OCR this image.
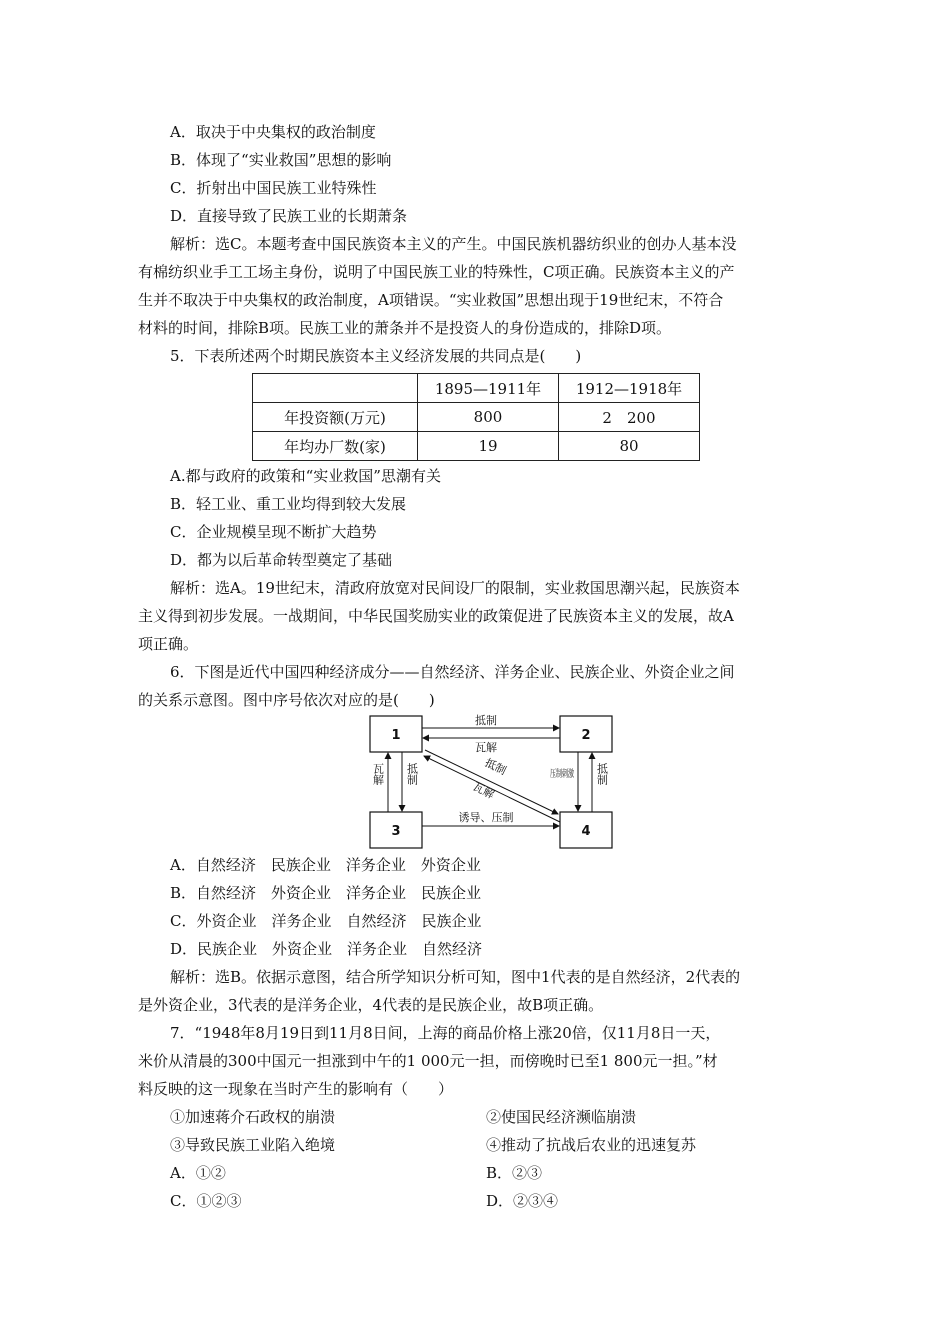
A．取决于中央集权的政治制度
B．体现了“实业救国”思想的影响
C．折射出中国民族工业特殊性
D．直接导致了民族工业的长期萧条
解析：选C。本题考查中国民族资本主义的产生。中国民族机器纺织业的创办人基本没
有棉纺织业手工工场主身份，说明了中国民族工业的特殊性，C项正确。民族资本主义的产
生并不取决于中央集权的政治制度，A项错误。“实业救国”思想出现于19世纪末，不符合
材料的时间，排除B项。民族工业的萧条并不是投资人的身份造成的，排除D项。
5．下表所述两个时期民族资本主义经济发展的共同点是(　　)
	1895—1911年	1912—1918年
年投资额(万元)	800	2　200
年均办厂数(家)	19	80
A.都与政府的政策和“实业救国”思潮有关
B．轻工业、重工业均得到较大发展
C．企业规模呈现不断扩大趋势
D．都为以后革命转型奠定了基础
解析：选A。19世纪末，清政府放宽对民间设厂的限制，实业救国思潮兴起，民族资本
主义得到初步发展。一战期间，中华民国奖励实业的政策促进了民族资本主义的发展，故A
项正确。
6．下图是近代中国四种经济成分——自然经济、洋务企业、民族企业、外资企业之间
的关系示意图。图中序号依次对应的是(　　)
1	2
3	4
抵制
瓦解
瓦解 抵制	压制刺激 抵制
诱导、压制
抵制
瓦解
A．自然经济　民族企业　洋务企业　外资企业
B．自然经济　外资企业　洋务企业　民族企业
C．外资企业　洋务企业　自然经济　民族企业
D．民族企业　外资企业　洋务企业　自然经济
解析：选B。依据示意图，结合所学知识分析可知，图中1代表的是自然经济，2代表的
是外资企业，3代表的是洋务企业，4代表的是民族企业，故B项正确。
7．“1948年8月19日到11月8日间，上海的商品价格上涨20倍，仅11月8日一天，
米价从清晨的300中国元一担涨到中午的1 000元一担，而傍晚时已至1 800元一担。”材
料反映的这一现象在当时产生的影响有（　　）
①加速蒋介石政权的崩溃	②使国民经济濒临崩溃
③导致民族工业陷入绝境	④推动了抗战后农业的迅速复苏
A．①②	B．②③
C．①②③	D．②③④
